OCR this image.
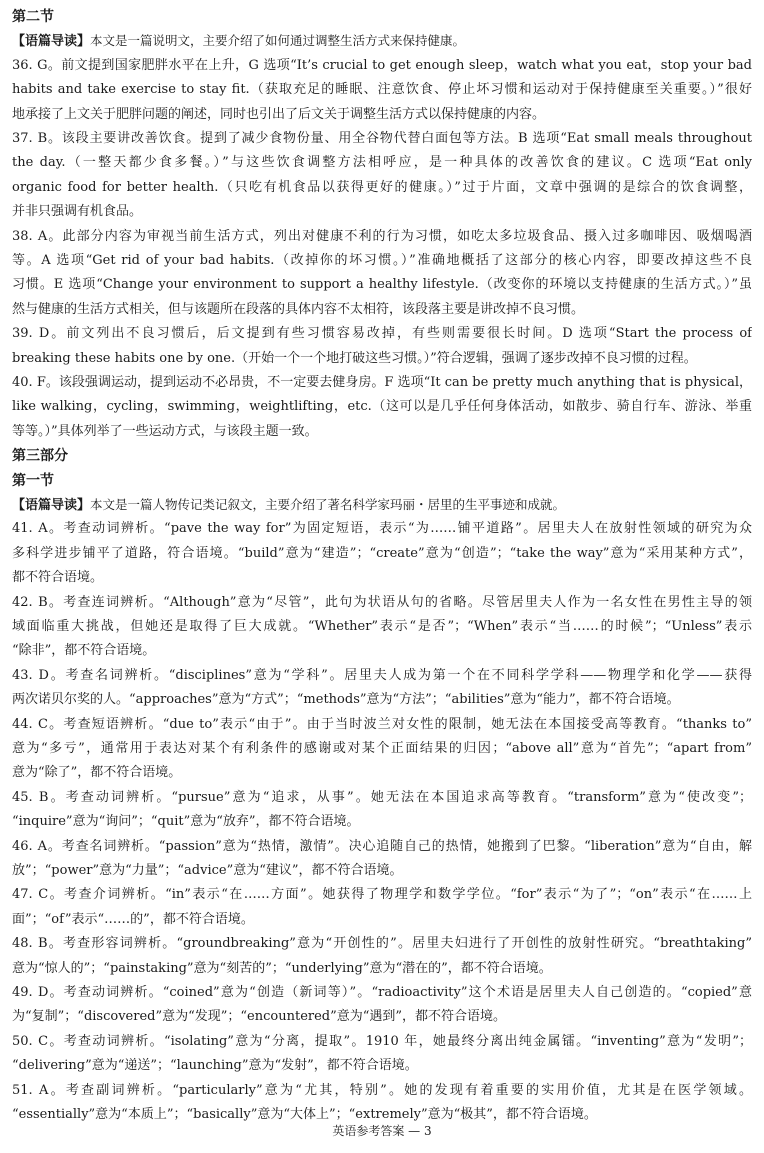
第二节
【语篇导读】本文是一篇说明文，主要介绍了如何通过调整生活方式来保持健康。
36. G。前文提到国家肥胖水平在上升，G 选项“It’s crucial to get enough sleep，watch what you eat，stop your bad
habits and take exercise to stay fit.（获取充足的睡眠、注意饮食、停止坏习惯和运动对于保持健康至关重要。）”很好
地承接了上文关于肥胖问题的阐述，同时也引出了后文关于调整生活方式以保持健康的内容。
37. B。该段主要讲改善饮食。提到了减少食物份量、用全谷物代替白面包等方法。B 选项“Eat small meals throughout
the day.（一整天都少食多餐。）”与这些饮食调整方法相呼应，是一种具体的改善饮食的建议。C 选项“Eat only
organic food for better health.（只吃有机食品以获得更好的健康。）”过于片面，文章中强调的是综合的饮食调整，
并非只强调有机食品。
38. A。此部分内容为审视当前生活方式，列出对健康不利的行为习惯，如吃太多垃圾食品、摄入过多咖啡因、吸烟喝酒
等。A 选项“Get rid of your bad habits.（改掉你的坏习惯。）”准确地概括了这部分的核心内容，即要改掉这些不良
习惯。E 选项“Change your environment to support a healthy lifestyle.（改变你的环境以支持健康的生活方式。）”虽
然与健康的生活方式相关，但与该题所在段落的具体内容不太相符，该段落主要是讲改掉不良习惯。
39. D。前文列出不良习惯后，后文提到有些习惯容易改掉，有些则需要很长时间。D 选项“Start the process of
breaking these habits one by one.（开始一个一个地打破这些习惯。）”符合逻辑，强调了逐步改掉不良习惯的过程。
40. F。该段强调运动，提到运动不必昂贵，不一定要去健身房。F 选项“It can be pretty much anything that is physical，
like walking，cycling，swimming，weightlifting，etc.（这可以是几乎任何身体活动，如散步、骑自行车、游泳、举重
等等。）”具体列举了一些运动方式，与该段主题一致。
第三部分
第一节
【语篇导读】本文是一篇人物传记类记叙文，主要介绍了著名科学家玛丽・居里的生平事迹和成就。
41. A。考查动词辨析。“pave the way for”为固定短语，表示“为……铺平道路”。居里夫人在放射性领域的研究为众
多科学进步铺平了道路，符合语境。“build”意为“建造”；“create”意为“创造”；“take the way”意为“采用某种方式”，
都不符合语境。
42. B。考查连词辨析。“Although”意为“尽管”，此句为状语从句的省略。尽管居里夫人作为一名女性在男性主导的领
域面临重大挑战，但她还是取得了巨大成就。“Whether”表示“是否”；“When”表示“当……的时候”；“Unless”表示
“除非”，都不符合语境。
43. D。考查名词辨析。“disciplines”意为“学科”。居里夫人成为第一个在不同科学学科——物理学和化学——获得
两次诺贝尔奖的人。“approaches”意为“方式”；“methods”意为“方法”；“abilities”意为“能力”，都不符合语境。
44. C。考查短语辨析。“due to”表示“由于”。由于当时波兰对女性的限制，她无法在本国接受高等教育。“thanks to”
意为“多亏”，通常用于表达对某个有利条件的感谢或对某个正面结果的归因；“above all”意为“首先”；“apart from”
意为“除了”，都不符合语境。
45. B。考查动词辨析。“pursue”意为“追求，从事”。她无法在本国追求高等教育。“transform”意为“使改变”；
“inquire”意为“询问”；“quit”意为“放弃”，都不符合语境。
46. A。考查名词辨析。“passion”意为“热情，激情”。决心追随自己的热情，她搬到了巴黎。“liberation”意为“自由，解
放”；“power”意为“力量”；“advice”意为“建议”，都不符合语境。
47. C。考查介词辨析。“in”表示“在……方面”。她获得了物理学和数学学位。“for”表示“为了”；“on”表示“在……上
面”；“of”表示“……的”，都不符合语境。
48. B。考查形容词辨析。“groundbreaking”意为“开创性的”。居里夫妇进行了开创性的放射性研究。“breathtaking”
意为“惊人的”；“painstaking”意为“刻苦的”；“underlying”意为“潜在的”，都不符合语境。
49. D。考查动词辨析。“coined”意为“创造（新词等）”。“radioactivity”这个术语是居里夫人自己创造的。“copied”意
为“复制”；“discovered”意为“发现”；“encountered”意为“遇到”，都不符合语境。
50. C。考查动词辨析。“isolating”意为“分离，提取”。1910 年，她最终分离出纯金属镭。“inventing”意为“发明”；
“delivering”意为“递送”；“launching”意为“发射”，都不符合语境。
51. A。考查副词辨析。“particularly”意为“尤其，特别”。她的发现有着重要的实用价值，尤其是在医学领域。
“essentially”意为“本质上”；“basically”意为“大体上”；“extremely”意为“极其”，都不符合语境。
英语参考答案 — 3
